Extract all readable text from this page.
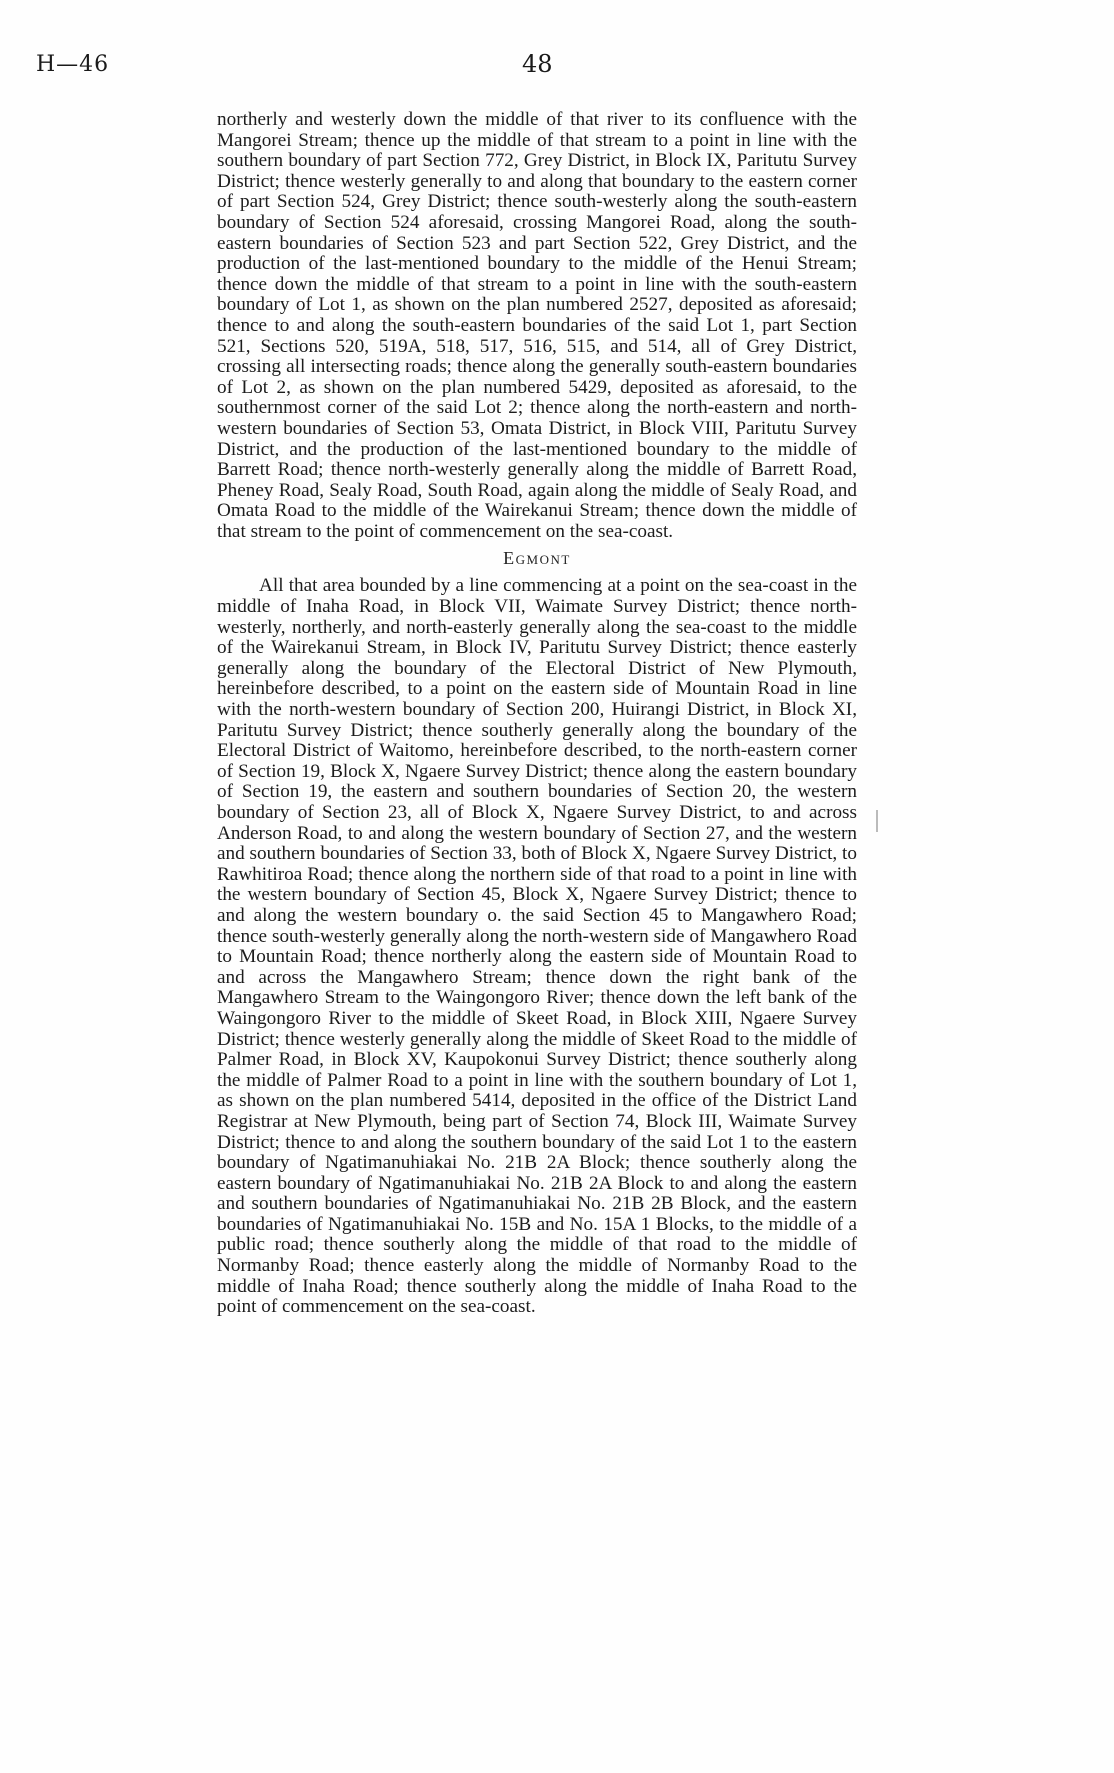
H—46	48

northerly and westerly down the middle of that river to its confluence with the Mangorei Stream; thence up the middle of that stream to a point in line with the southern boundary of part Section 772, Grey District, in Block IX, Paritutu Survey District; thence westerly generally to and along that boundary to the eastern corner of part Section 524, Grey District; thence south-westerly along the south-eastern boundary of Section 524 aforesaid, crossing Mangorei Road, along the south-eastern boundaries of Section 523 and part Section 522, Grey District, and the production of the last-mentioned boundary to the middle of the Henui Stream; thence down the middle of that stream to a point in line with the south-eastern boundary of Lot 1, as shown on the plan numbered 2527, deposited as aforesaid; thence to and along the south-eastern boundaries of the said Lot 1, part Section 521, Sections 520, 519A, 518, 517, 516, 515, and 514, all of Grey District, crossing all intersecting roads; thence along the generally south-eastern boundaries of Lot 2, as shown on the plan numbered 5429, deposited as aforesaid, to the southernmost corner of the said Lot 2; thence along the north-eastern and north-western boundaries of Section 53, Omata District, in Block VIII, Paritutu Survey District, and the production of the last-mentioned boundary to the middle of Barrett Road; thence north-westerly generally along the middle of Barrett Road, Pheney Road, Sealy Road, South Road, again along the middle of Sealy Road, and Omata Road to the middle of the Wairekanui Stream; thence down the middle of that stream to the point of commencement on the sea-coast.

Egmont

All that area bounded by a line commencing at a point on the sea-coast in the middle of Inaha Road, in Block VII, Waimate Survey District; thence north-westerly, northerly, and north-easterly generally along the sea-coast to the middle of the Wairekanui Stream, in Block IV, Paritutu Survey District; thence easterly generally along the boundary of the Electoral District of New Plymouth, hereinbefore described, to a point on the eastern side of Mountain Road in line with the north-western boundary of Section 200, Huirangi District, in Block XI, Paritutu Survey District; thence southerly generally along the boundary of the Electoral District of Waitomo, hereinbefore described, to the north-eastern corner of Section 19, Block X, Ngaere Survey District; thence along the eastern boundary of Section 19, the eastern and southern boundaries of Section 20, the western boundary of Section 23, all of Block X, Ngaere Survey District, to and across Anderson Road, to and along the western boundary of Section 27, and the western and southern boundaries of Section 33, both of Block X, Ngaere Survey District, to Rawhitiroa Road; thence along the northern side of that road to a point in line with the western boundary of Section 45, Block X, Ngaere Survey District; thence to and along the western boundary o. the said Section 45 to Mangawhero Road; thence south-westerly generally along the north-western side of Mangawhero Road to Mountain Road; thence northerly along the eastern side of Mountain Road to and across the Mangawhero Stream; thence down the right bank of the Mangawhero Stream to the Waingongoro River; thence down the left bank of the Waingongoro River to the middle of Skeet Road, in Block XIII, Ngaere Survey District; thence westerly generally along the middle of Skeet Road to the middle of Palmer Road, in Block XV, Kaupokonui Survey District; thence southerly along the middle of Palmer Road to a point in line with the southern boundary of Lot 1, as shown on the plan numbered 5414, deposited in the office of the District Land Registrar at New Plymouth, being part of Section 74, Block III, Waimate Survey District; thence to and along the southern boundary of the said Lot 1 to the eastern boundary of Ngatimanuhiakai No. 21B 2A Block; thence southerly along the eastern boundary of Ngatimanuhiakai No. 21B 2A Block to and along the eastern and southern boundaries of Ngatimanuhiakai No. 21B 2B Block, and the eastern boundaries of Ngatimanuhiakai No. 15B and No. 15A 1 Blocks, to the middle of a public road; thence southerly along the middle of that road to the middle of Normanby Road; thence easterly along the middle of Normanby Road to the middle of Inaha Road; thence southerly along the middle of Inaha Road to the point of commencement on the sea-coast.
